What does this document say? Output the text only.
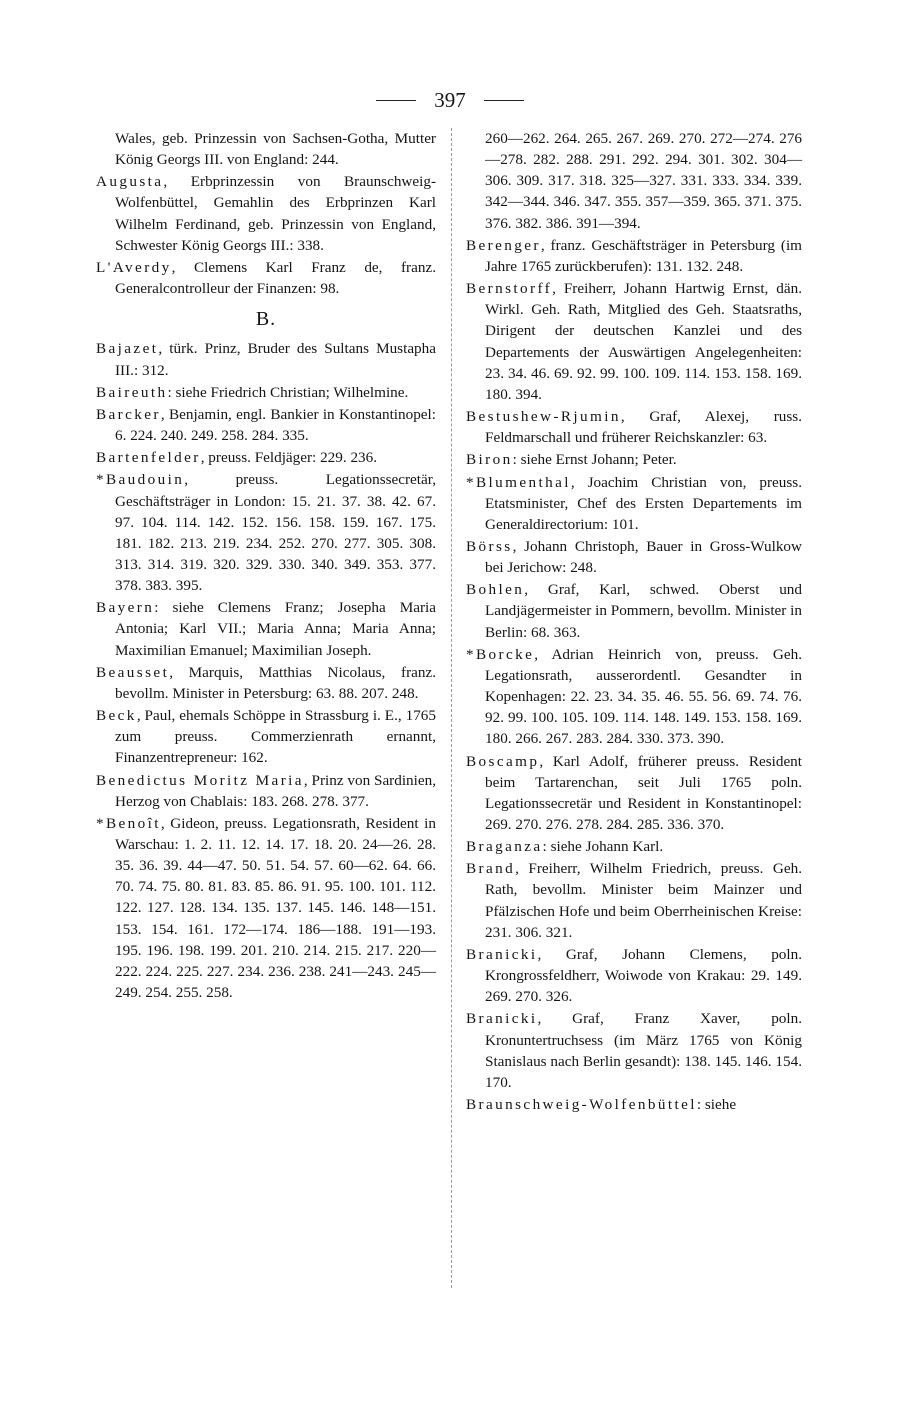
397

Wales, geb. Prinzessin von Sachsen-Gotha, Mutter König Georgs III. von England: 244.

Augusta, Erbprinzessin von Braunschweig-Wolfenbüttel, Gemahlin des Erbprinzen Karl Wilhelm Ferdinand, geb. Prinzessin von England, Schwester König Georgs III.: 338.

L'Averdy, Clemens Karl Franz de, franz. Generalcontrolleur der Finanzen: 98.

B.

Bajazet, türk. Prinz, Bruder des Sultans Mustapha III.: 312.

Baireuth: siehe Friedrich Christian; Wilhelmine.

Barcker, Benjamin, engl. Bankier in Konstantinopel: 6. 224. 240. 249. 258. 284. 335.

Bartenfelder, preuss. Feldjäger: 229. 236.

*Baudouin, preuss. Legationssecretär, Geschäftsträger in London: 15. 21. 37. 38. 42. 67. 97. 104. 114. 142. 152. 156. 158. 159. 167. 175. 181. 182. 213. 219. 234. 252. 270. 277. 305. 308. 313. 314. 319. 320. 329. 330. 340. 349. 353. 377. 378. 383. 395.

Bayern: siehe Clemens Franz; Josepha Maria Antonia; Karl VII.; Maria Anna; Maria Anna; Maximilian Emanuel; Maximilian Joseph.

Beausset, Marquis, Matthias Nicolaus, franz. bevollm. Minister in Petersburg: 63. 88. 207. 248.

Beck, Paul, ehemals Schöppe in Strassburg i. E., 1765 zum preuss. Commerzienrath ernannt, Finanzentrepreneur: 162.

Benedictus Moritz Maria, Prinz von Sardinien, Herzog von Chablais: 183. 268. 278. 377.

*Benoît, Gideon, preuss. Legationsrath, Resident in Warschau: 1. 2. 11. 12. 14. 17. 18. 20. 24—26. 28. 35. 36. 39. 44—47. 50. 51. 54. 57. 60—62. 64. 66. 70. 74. 75. 80. 81. 83. 85. 86. 91. 95. 100. 101. 112. 122. 127. 128. 134. 135. 137. 145. 146. 148—151. 153. 154. 161. 172—174. 186—188. 191—193. 195. 196. 198. 199. 201. 210. 214. 215. 217. 220—222. 224. 225. 227. 234. 236. 238. 241—243. 245—249. 254. 255. 258.

260—262. 264. 265. 267. 269. 270. 272—274. 276—278. 282. 288. 291. 292. 294. 301. 302. 304—306. 309. 317. 318. 325—327. 331. 333. 334. 339. 342—344. 346. 347. 355. 357—359. 365. 371. 375. 376. 382. 386. 391—394.

Berenger, franz. Geschäftsträger in Petersburg (im Jahre 1765 zurückberufen): 131. 132. 248.

Bernstorff, Freiherr, Johann Hartwig Ernst, dän. Wirkl. Geh. Rath, Mitglied des Geh. Staatsraths, Dirigent der deutschen Kanzlei und des Departements der Auswärtigen Angelegenheiten: 23. 34. 46. 69. 92. 99. 100. 109. 114. 153. 158. 169. 180. 394.

Bestushew-Rjumin, Graf, Alexej, russ. Feldmarschall und früherer Reichskanzler: 63.

Biron: siehe Ernst Johann; Peter.

*Blumenthal, Joachim Christian von, preuss. Etatsminister, Chef des Ersten Departements im Generaldirectorium: 101.

Börss, Johann Christoph, Bauer in Gross-Wulkow bei Jerichow: 248.

Bohlen, Graf, Karl, schwed. Oberst und Landjägermeister in Pommern, bevollm. Minister in Berlin: 68. 363.

*Borcke, Adrian Heinrich von, preuss. Geh. Legationsrath, ausserordentl. Gesandter in Kopenhagen: 22. 23. 34. 35. 46. 55. 56. 69. 74. 76. 92. 99. 100. 105. 109. 114. 148. 149. 153. 158. 169. 180. 266. 267. 283. 284. 330. 373. 390.

Boscamp, Karl Adolf, früherer preuss. Resident beim Tartarenchan, seit Juli 1765 poln. Legationssecretär und Resident in Konstantinopel: 269. 270. 276. 278. 284. 285. 336. 370.

Braganza: siehe Johann Karl.

Brand, Freiherr, Wilhelm Friedrich, preuss. Geh. Rath, bevollm. Minister beim Mainzer und Pfälzischen Hofe und beim Oberrheinischen Kreise: 231. 306. 321.

Branicki, Graf, Johann Clemens, poln. Krongrossfeldherr, Woiwode von Krakau: 29. 149. 269. 270. 326.

Branicki, Graf, Franz Xaver, poln. Kronuntertruchsess (im März 1765 von König Stanislaus nach Berlin gesandt): 138. 145. 146. 154. 170.

Braunschweig-Wolfenbüttel: siehe
